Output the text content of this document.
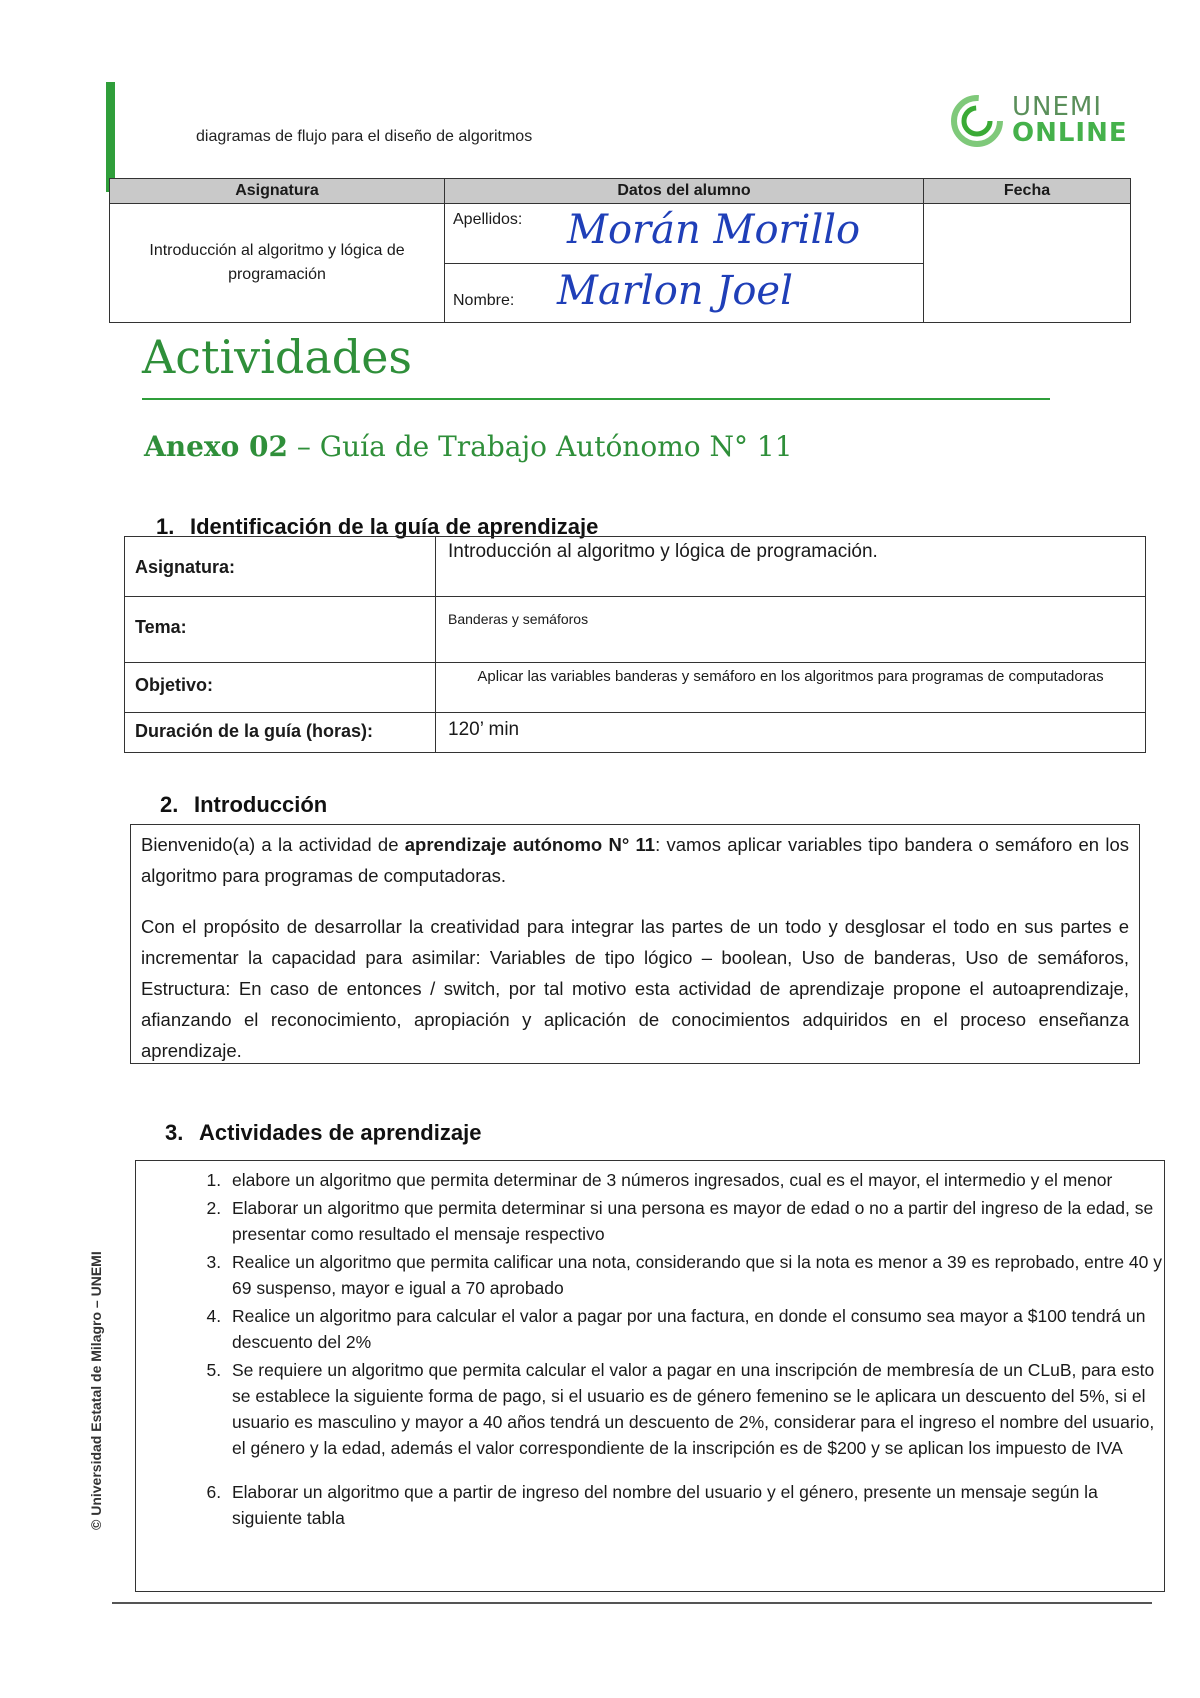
diagramas de flujo para el diseño de algoritmos
UNEMI
ONLINE
Asignatura	Datos del alumno	Fecha
Introducción al algoritmo y lógica de programación	Apellidos: Morán Morillo	

	Nombre: Marlon Joel	
Actividades
Anexo 02 – Guía de Trabajo Autónomo N° 11
1. Identificación de la guía de aprendizaje
Asignatura:	Introducción al algoritmo y lógica de programación.
Tema:	Banderas y semáforos
Objetivo:	Aplicar las variables banderas y semáforo en los algoritmos para programas de computadoras
Duración de la guía (horas):	120’ min
2. Introducción

Bienvenido(a) a la actividad de aprendizaje autónomo N° 11: vamos aplicar variables tipo bandera o semáforo en los algoritmo para programas de computadoras.

Con el propósito de desarrollar la creatividad para integrar las partes de un todo y desglosar el todo en sus partes e incrementar la capacidad para asimilar: Variables de tipo lógico – boolean, Uso de banderas, Uso de semáforos, Estructura: En caso de entonces / switch, por tal motivo esta actividad de aprendizaje propone el autoaprendizaje, afianzando el reconocimiento, apropiación y aplicación de conocimientos adquiridos en el proceso enseñanza aprendizaje.

3. Actividades de aprendizaje
1. elabore un algoritmo que permita determinar de 3 números ingresados, cual es el mayor, el intermedio y el menor
2. Elaborar un algoritmo que permita determinar si una persona es mayor de edad o no a partir del ingreso de la edad, se presentar como resultado el mensaje respectivo
3. Realice un algoritmo que permita calificar una nota, considerando que si la nota es menor a 39 es reprobado, entre 40 y 69 suspenso, mayor e igual a 70 aprobado
4. Realice un algoritmo para calcular el valor a pagar por una factura, en donde el consumo sea mayor a $100 tendrá un descuento del 2%
5. Se requiere un algoritmo que permita calcular el valor a pagar en una inscripción de membresía de un CLuB, para esto se establece la siguiente forma de pago, si el usuario es de género femenino se le aplicara un descuento del 5%, si el usuario es masculino y mayor a 40 años tendrá un descuento de 2%, considerar para el ingreso el nombre del usuario, el género y la edad, además el valor correspondiente de la inscripción es de $200 y se aplican los impuesto de IVA
6. Elaborar un algoritmo que a partir de ingreso del nombre del usuario y el género, presente un mensaje según la siguiente tabla
© Universidad Estatal de Milagro – UNEMI
